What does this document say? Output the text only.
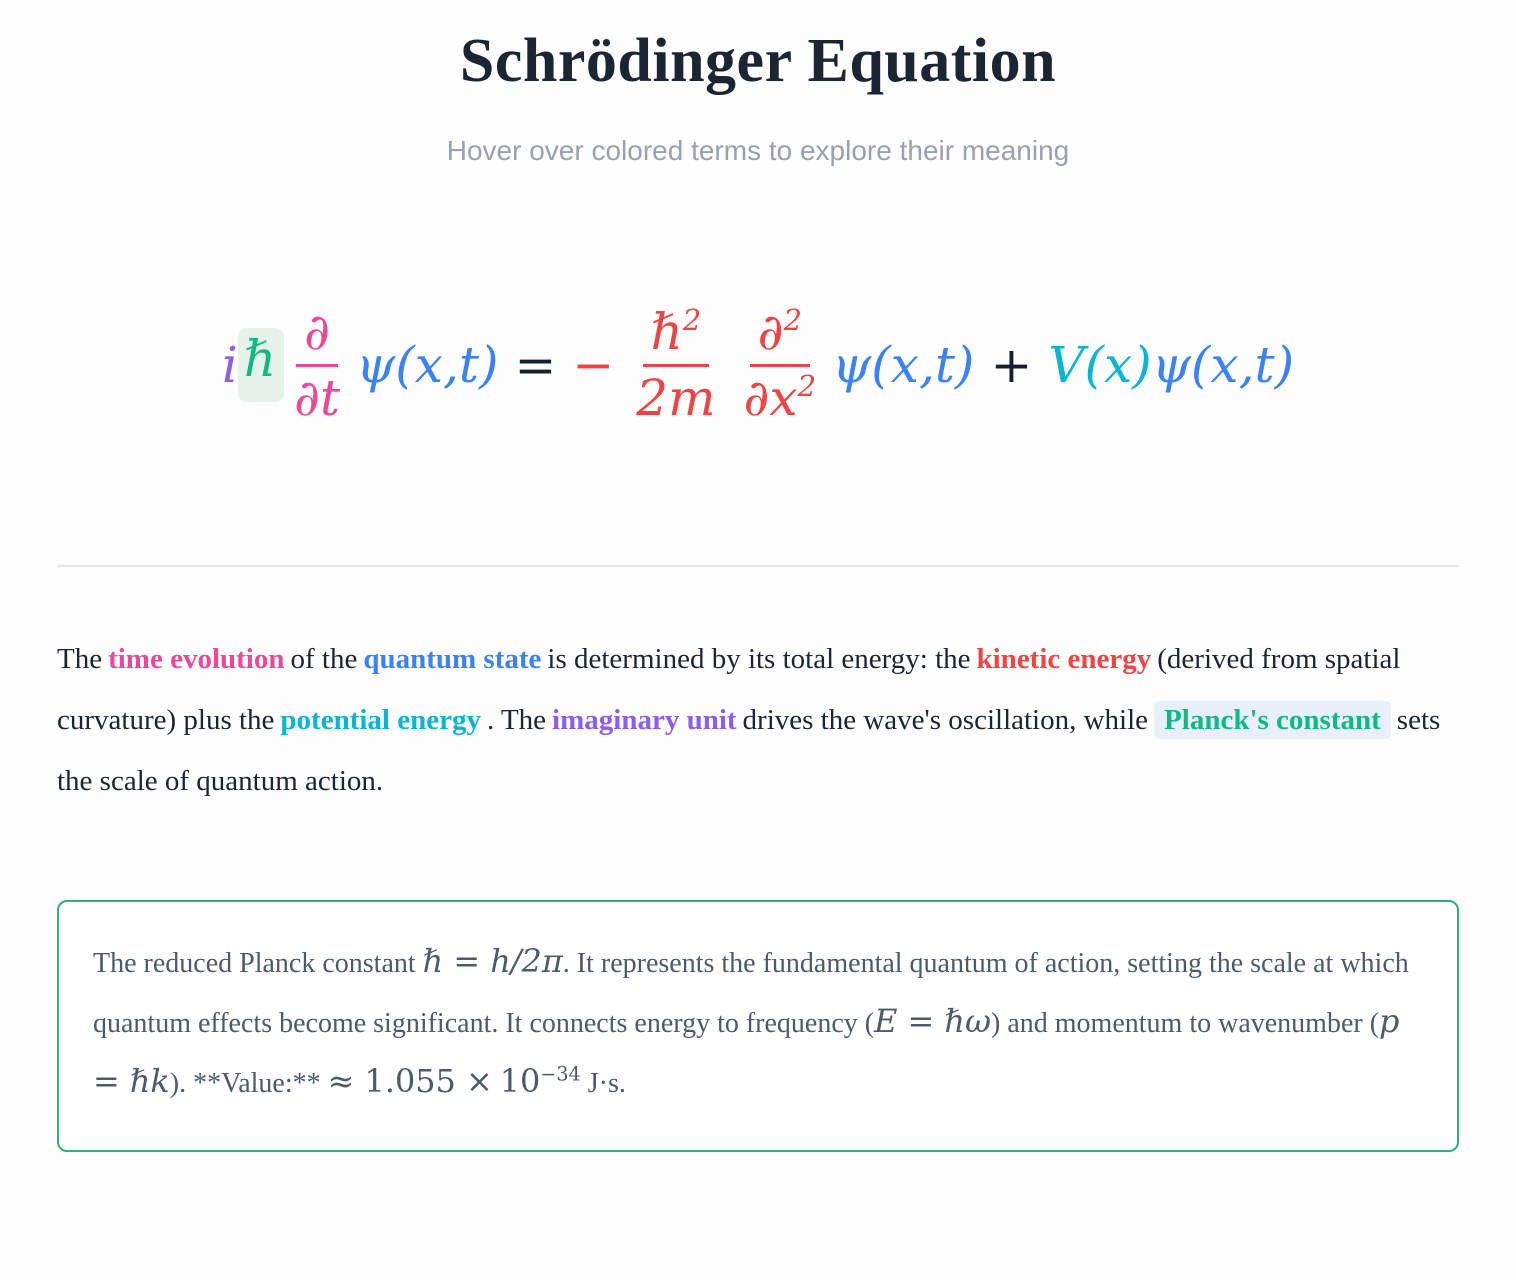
Schrödinger Equation
Hover over colored terms to explore their meaning
i ℏ $\frac{\partial}{\partial t} \psi(x,t)$ = − $\frac{\hbar^2}{2m} \frac{\partial^2}{\partial x^2} \psi(x,t) + V(x)$ ψ(x,t)

The time evolution of the quantum state is determined by its total energy: the kinetic energy (derived from spatial curvature) plus the potential energy . The imaginary unit drives the wave's oscillation, while Planck's constant sets the scale of quantum action.

The reduced Planck constant ℏ = h/2π. It represents the fundamental quantum of action, setting the scale at which quantum effects become significant. It connects energy to frequency (E = ℏω) and momentum to wavenumber (p = ℏk). **Value:** ≈ $1.055 \times 10^{-34}$ J·s.
